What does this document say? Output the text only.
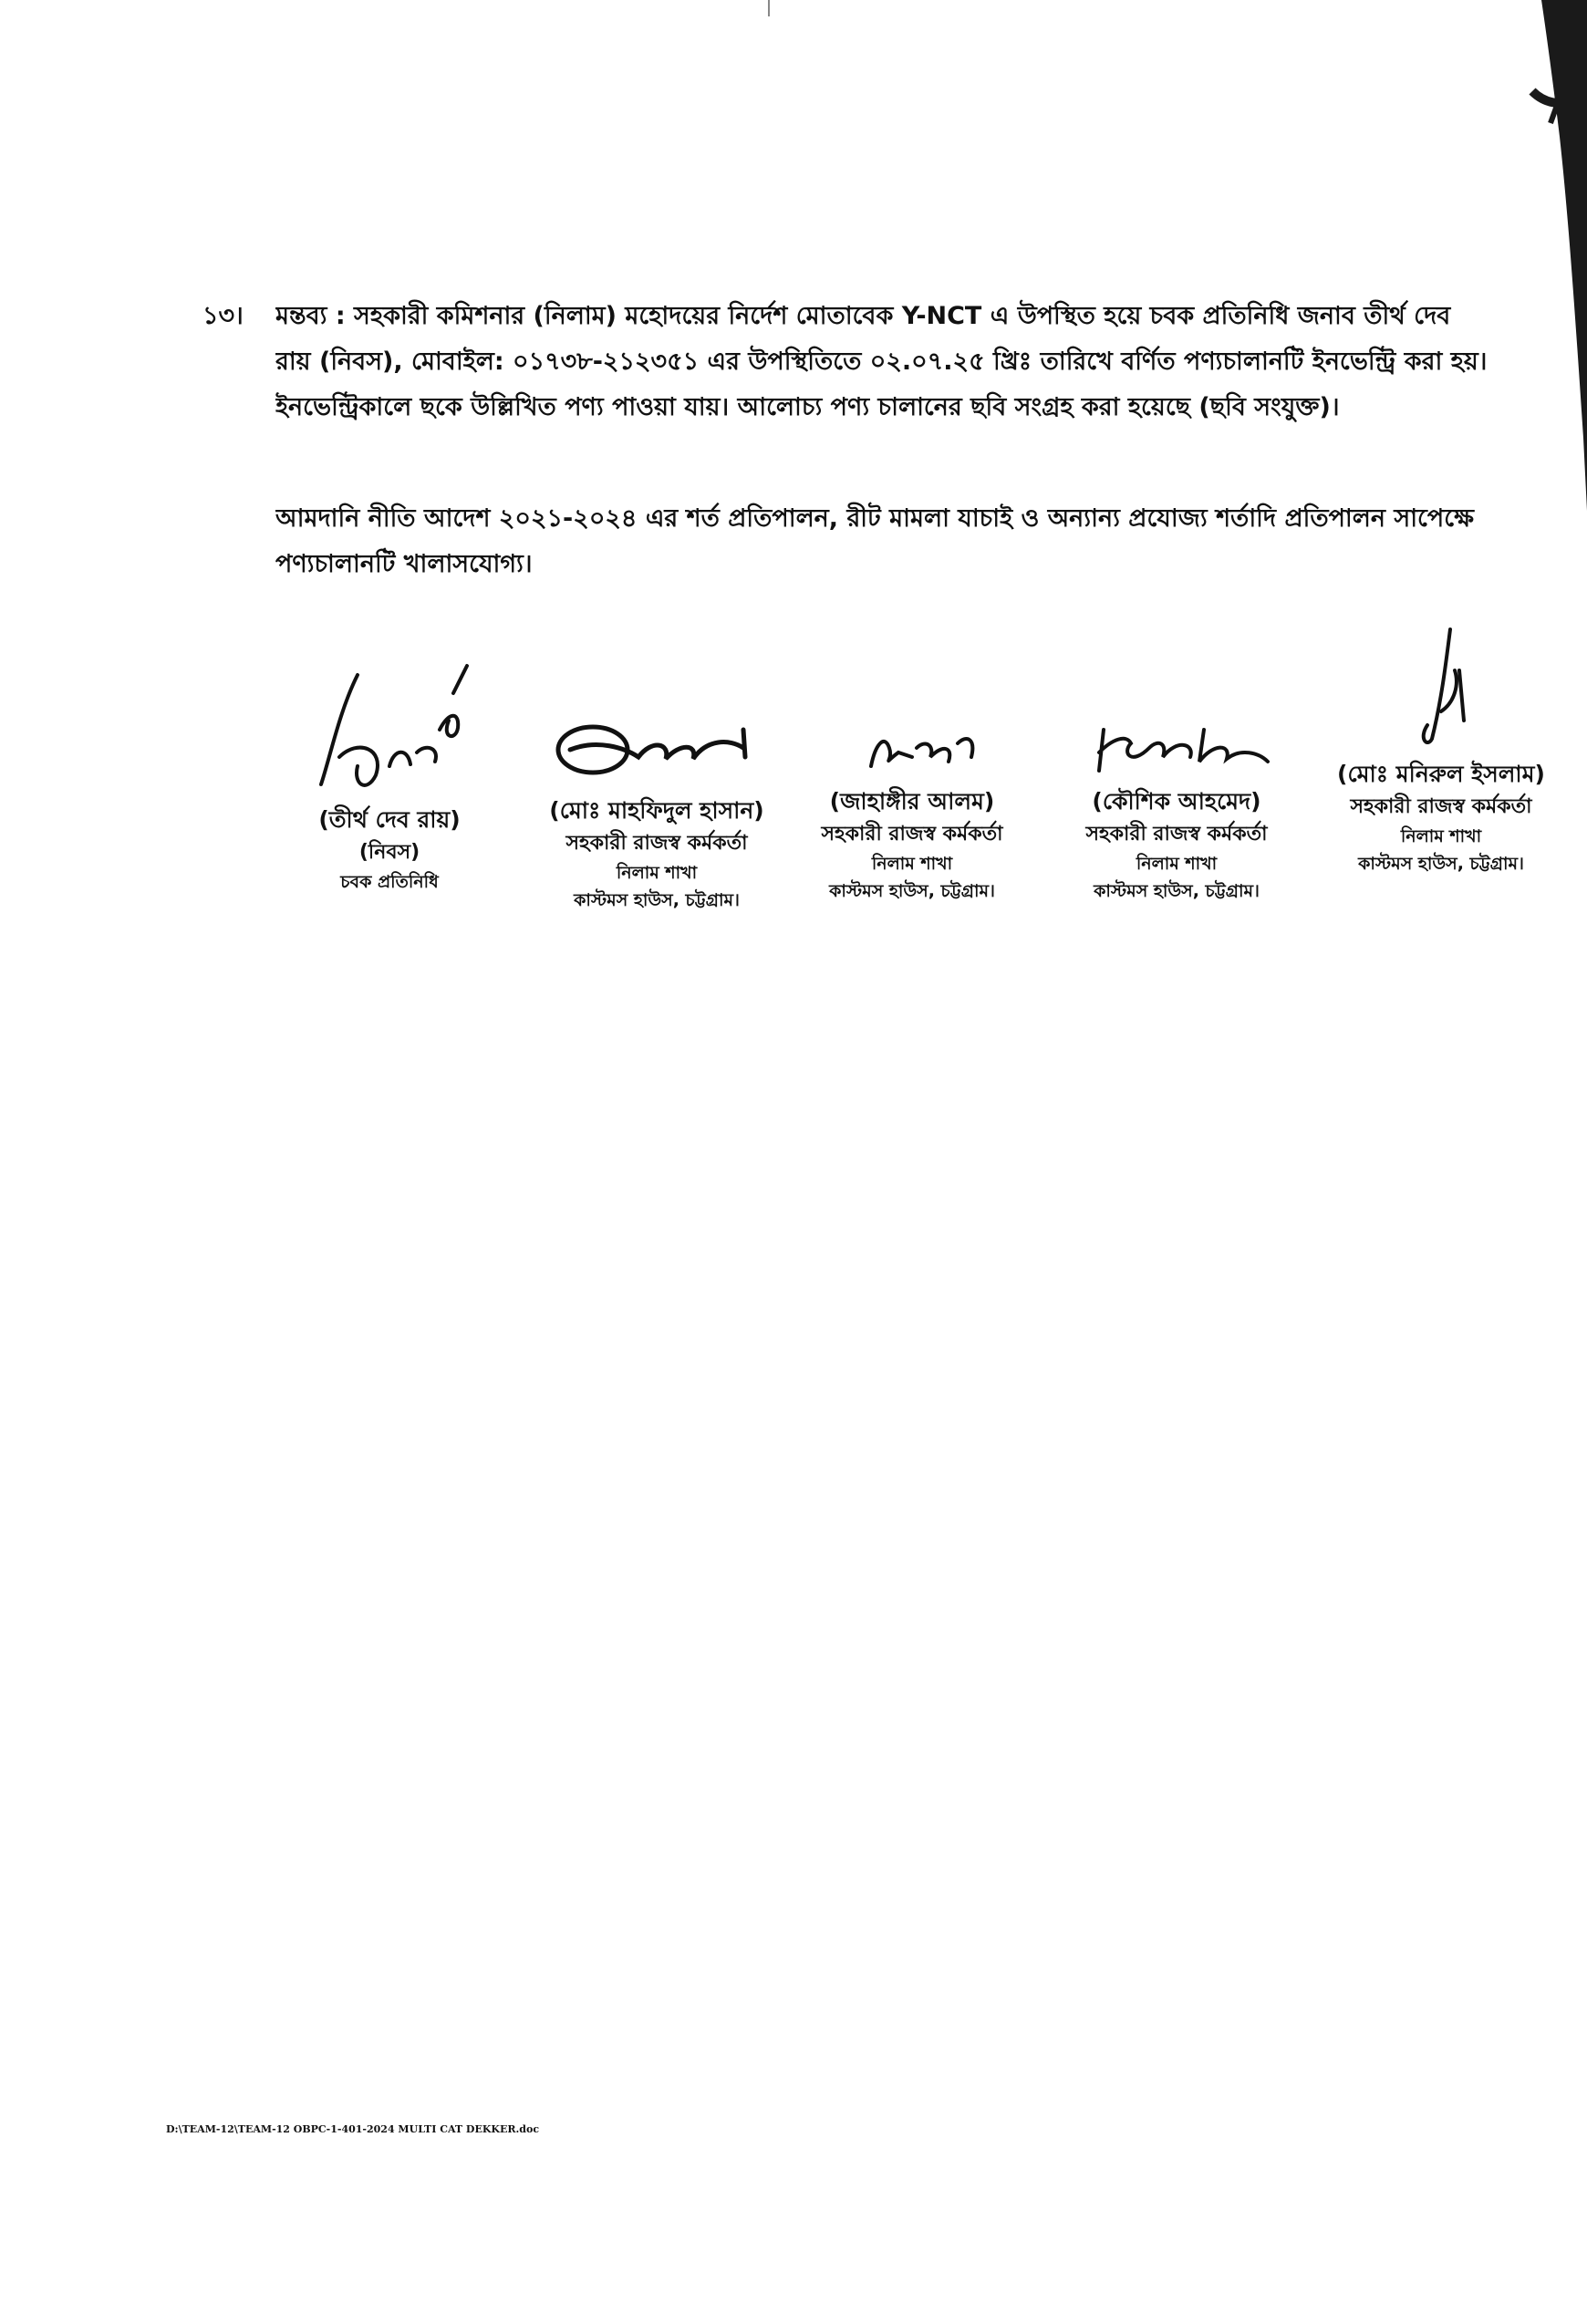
১৩। মন্তব্য : সহকারী কমিশনার (নিলাম) মহোদয়ের নির্দেশ মোতাবেক Y-NCT এ উপস্থিত হয়ে চবক প্রতিনিধি জনাব তীর্থ দেব
রায় (নিবস), মোবাইল: ০১৭৩৮-২১২৩৫১ এর উপস্থিতিতে ০২.০৭.২৫ খ্রিঃ তারিখে বর্ণিত পণ্যচালানটি ইনভেন্ট্রি করা হয়।
ইনভেন্ট্রিকালে ছকে উল্লিখিত পণ্য পাওয়া যায়। আলোচ্য পণ্য চালানের ছবি সংগ্রহ করা হয়েছে (ছবি সংযুক্ত)।
আমদানি নীতি আদেশ ২০২১-২০২৪ এর শর্ত প্রতিপালন, রীট মামলা যাচাই ও অন্যান্য প্রযোজ্য শর্তাদি প্রতিপালন সাপেক্ষে
পণ্যচালানটি খালাসযোগ্য।
(তীর্থ দেব রায়)
(নিবস)
চবক প্রতিনিধি
(মোঃ মাহফিদুল হাসান)
সহকারী রাজস্ব কর্মকর্তা
নিলাম শাখা
কাস্টমস হাউস, চট্টগ্রাম।
(জাহাঙ্গীর আলম)
সহকারী রাজস্ব কর্মকর্তা
নিলাম শাখা
কাস্টমস হাউস, চট্টগ্রাম।
(কৌশিক আহমেদ)
সহকারী রাজস্ব কর্মকর্তা
নিলাম শাখা
কাস্টমস হাউস, চট্টগ্রাম।
(মোঃ মনিরুল ইসলাম)
সহকারী রাজস্ব কর্মকর্তা
নিলাম শাখা
কাস্টমস হাউস, চট্টগ্রাম।
D:\TEAM-12\TEAM-12 OBPC-1-401-2024 MULTI CAT DEKKER.doc
